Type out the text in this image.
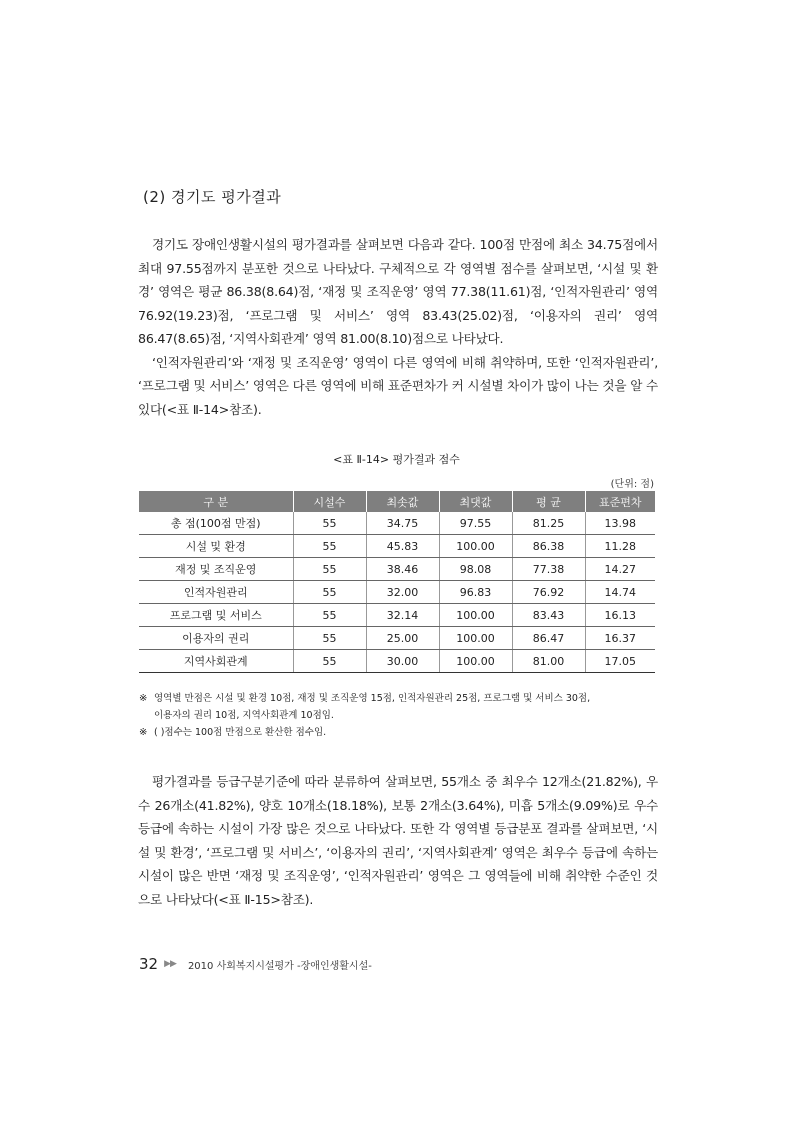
(2) 경기도 평가결과

경기도 장애인생활시설의 평가결과를 살펴보면 다음과 같다. 100점 만점에 최소 34.75점에서 최대 97.55점까지 분포한 것으로 나타났다. 구체적으로 각 영역별 점수를 살펴보면, ‘시설 및 환경’ 영역은 평균 86.38(8.64)점, ‘재정 및 조직운영’ 영역 77.38(11.61)점, ‘인적자원관리’ 영역 76.92(19.23)점, ‘프로그램 및 서비스’ 영역 83.43(25.02)점, ‘이용자의 권리’ 영역 86.47(8.65)점, ‘지역사회관계’ 영역 81.00(8.10)점으로 나타났다.

‘인적자원관리’와 ‘재정 및 조직운영’ 영역이 다른 영역에 비해 취약하며, 또한 ‘인적자원관리’, ‘프로그램 및 서비스’ 영역은 다른 영역에 비해 표준편차가 커 시설별 차이가 많이 나는 것을 알 수 있다(<표 Ⅱ-14>참조).

<표 Ⅱ-14> 평가결과 점수
(단위: 점)
구 분	시설수	최솟값	최댓값	평 균	표준편차
총 점(100점 만점)	55	34.75	97.55	81.25	13.98
시설 및 환경	55	45.83	100.00	86.38	11.28
재정 및 조직운영	55	38.46	98.08	77.38	14.27
인적자원관리	55	32.00	96.83	76.92	14.74
프로그램 및 서비스	55	32.14	100.00	83.43	16.13
이용자의 권리	55	25.00	100.00	86.47	16.37
지역사회관계	55	30.00	100.00	81.00	17.05
※ 영역별 만점은 시설 및 환경 10점, 재정 및 조직운영 15점, 인적자원관리 25점, 프로그램 및 서비스 30점,
이용자의 권리 10점, 지역사회관계 10점임.
※ ( )점수는 100점 만점으로 환산한 점수임.

평가결과를 등급구분기준에 따라 분류하여 살펴보면, 55개소 중 최우수 12개소(21.82%), 우수 26개소(41.82%), 양호 10개소(18.18%), 보통 2개소(3.64%), 미흡 5개소(9.09%)로 우수 등급에 속하는 시설이 가장 많은 것으로 나타났다. 또한 각 영역별 등급분포 결과를 살펴보면, ‘시설 및 환경’, ‘프로그램 및 서비스’, ‘이용자의 권리’, ‘지역사회관계’ 영역은 최우수 등급에 속하는 시설이 많은 반면 ‘재정 및 조직운영’, ‘인적자원관리’ 영역은 그 영역들에 비해 취약한 수준인 것으로 나타났다(<표 Ⅱ-15>참조).

32 ▶▶ 2010 사회복지시설평가 -장애인생활시설-
